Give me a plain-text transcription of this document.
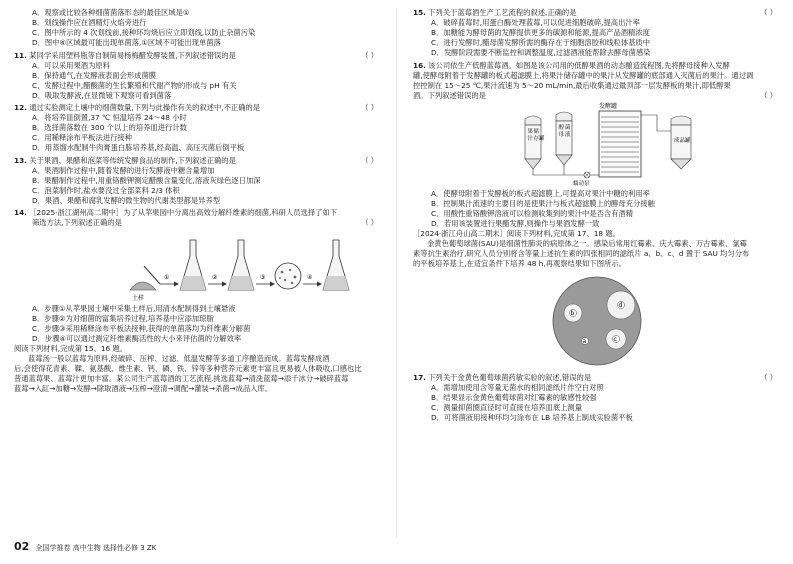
A．观察或比较各种细菌菌落形态的最佳区域是①
B．划线操作应在酒精灯火焰旁进行
C．图中所示的 4 次划线前,接种环均烧后应立即划线,以防止杂菌污染
D．图中④区域最可能出现单菌落,①区域不可能出现单菌落
11. 某同学采用塑料瓶等自制简易杨梅醋发酵装置,下列叙述错误的是	（ ）
A．可以采用果酒为原料
B．保持通气,在发酵液表面会形成菌膜
C．发酵过程中,醋酸菌的生长繁殖和代谢产物的形成与 pH 有关
D．吸取发酵液,在显微镜下观察可看到菌落
12. 通过实验测定土壤中的细菌数量,下列与此操作有关的叙述中,不正确的是	（ ）
A．将培养皿倒置,37 ℃ 恒温培养 24～48 小时
B．选择菌落数在 300 个以上的培养皿进行计数
C．用稀释涂布平板法进行接种
D．用蒸馏水配制牛肉膏蛋白胨培养基,经高温、高压灭菌后倒平板
13. 关于果酒、果醋和泡菜等传统发酵食品的制作,下列叙述正确的是	（ ）
A．果酒制作过程中,随着发酵的进行发酵液中糖含量增加
B．果醋制作过程中,用重铬酸钾测定醋酸含量变化,溶液灰绿色逐日加深
C．泡菜制作时,盐水要没过全部菜料 2/3 体积
D．果酒、果醋和腐乳发酵的微生物的代谢类型都是异养型
14. ［2025·浙江湖州高二期中］为了从苹果园中分离出高效分解纤维素的细菌,科研人员选择了如下
筛选方法,下列叙述正确的是	（ ）
土样
①	②	③	④
A．步骤①从苹果园土壤中采集土样后,用清水配制得到土壤悬液
B．步骤②为对细菌的富集培养过程,培养基中应添加琼脂
C．步骤③采用稀释涂布平板法接种,获得的单菌落均为纤维素分解菌
D．步骤④可以通过测定纤维素酶活性的大小来评估菌的分解效率
阅读下列材料,完成第 15、16 题。
蓝莓汤一般以蓝莓为原料,经破碎、压榨、过滤、低温发酵等多道工序酿造而成。蓝莓发酵成酒
后,会使得花青素、鞣、氨基酸、维生素、钙、磷、铁、锌等多种营养元素更丰富且更易被人体吸收,口感也比
普通蓝莓果、蓝莓汁更加丰富。某公司生产蓝莓酒的工艺流程,挑选蓝莓→清洗蓝莓→添千冰分→破碎蓝莓
蓝莓→入缸→加糖→发酵→除取酒液→压榨→澄清→调配→灌装→杀菌→成品入库。
02 全国学推卷 高中生物 选择性必修 3 ZK
15. 下列关于蓝莓酒生产工艺流程的叙述,正确的是	（ ）
A．破碎蓝莓时,用蛋白酶处理蓝莓,可以促进细胞破碎,提高出汁率
B．加糖能为酵母菌的发酵提供更多的碳源和能源,提高产品酒精浓度
C．进行发酵时,醋母菌发酵所需的酶存在于细胞溶胶和线粒体基质中
D．发酵阶段需要不断监控和调整温度,过滤酒液能帮除去酵母菌感染
16. 该公司依生产低醇蓝莓酒。如图是该公司用的低醇果酒的动态酿造流程图,先将酵母接种入发酵
罐,使酵母附着于发酵罐的板式超滤膜上,将果汁储存罐中的果汁从发酵罐的底部通入灭菌后的果汁。通过调
控控制在 15～25 ℃,果汁流速为 5～20 mL/min,最后收集通过最顶部一层发酵板的果汁,即低醇果
酒。下列叙述错误的是	（ ）
果
汁
储
存罐
醇
母
菌
液
发酵罐
成品罐
蠕动泵
A．使酵母附着于发酵板的板式超滤膜上,可提高对果汁中糖的利用率
B．控制果汁流速的主要目的是使果汁与板式超滤膜上的酵母充分接触
C．用酸性重铬酸钾溶液可以检测收集到的果汁中是否含有酒精
D．若用该装置进行果醋发酵,则操作与果酒发酵一致
［2024·浙江舟山高二期末］阅读下列材料,完成第 17、18 题。
金黄色葡萄球菌(SAU)是细菌性肺炎的病原体之一。感染后常用红霉素、庆大霉素、万古霉素、氯霉
素等抗生素治疗,研究人员分别将含等量上述抗生素的四张相同的滤纸片 a、b、c、d 置于 SAU 均匀分布
的平板培养基上,在适宜条件下培养 48 h,再观察结果如下图所示。
b
d
a	c
17. 下列关于金黄色葡萄球菌药敏实验的叙述,错误的是	（ ）
A．需增加使用含等量无菌水的相同滤纸片作空白对照
B．结果显示金黄色葡萄球菌对红霉素的敏感性较强
C．测量抑菌圈直径时可直接在培养皿底上测量
D．可将菌液用接种环均匀涂布在 LB 培养基上制成实验菌平板
